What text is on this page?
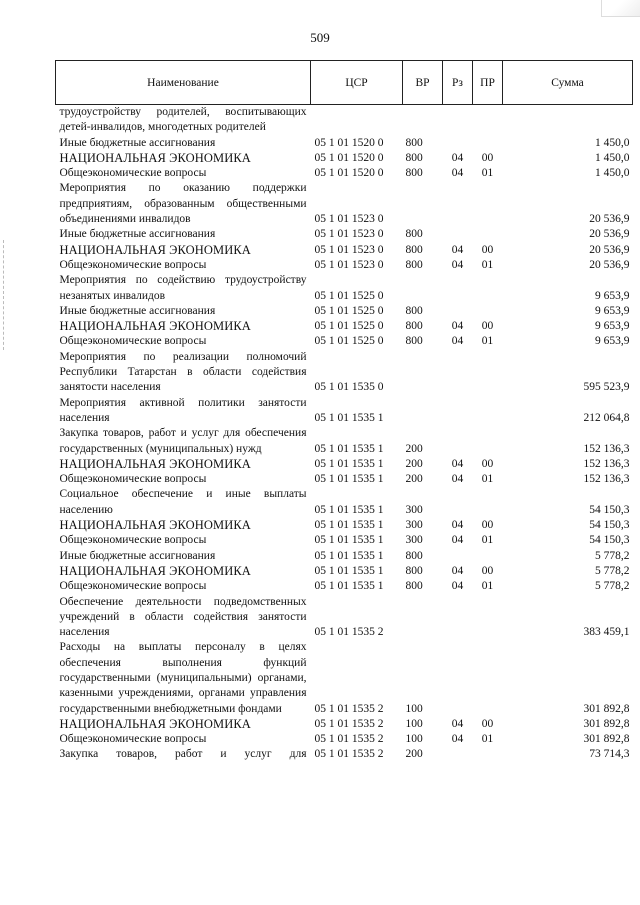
509
Наименование	ЦСР	ВР	Рз	ПР	Сумма
трудоустройству родителей, воспитывающих детей-инвалидов, многодетных родителей					
Иные бюджетные ассигнования	05 1 01 1520 0	800			1 450,0
НАЦИОНАЛЬНАЯ ЭКОНОМИКА	05 1 01 1520 0	800	04	00	1 450,0
Общеэкономические вопросы	05 1 01 1520 0	800	04	01	1 450,0
Мероприятия по оказанию поддержки предприятиям, образованным общественными объединениями инвалидов	05 1 01 1523 0				20 536,9
Иные бюджетные ассигнования	05 1 01 1523 0	800			20 536,9
НАЦИОНАЛЬНАЯ ЭКОНОМИКА	05 1 01 1523 0	800	04	00	20 536,9
Общеэкономические вопросы	05 1 01 1523 0	800	04	01	20 536,9
Мероприятия по содействию трудоустройству незанятых инвалидов	05 1 01 1525 0				9 653,9
Иные бюджетные ассигнования	05 1 01 1525 0	800			9 653,9
НАЦИОНАЛЬНАЯ ЭКОНОМИКА	05 1 01 1525 0	800	04	00	9 653,9
Общеэкономические вопросы	05 1 01 1525 0	800	04	01	9 653,9
Мероприятия по реализации полномочий Республики Татарстан в области содействия занятости населения	05 1 01 1535 0				595 523,9
Мероприятия активной политики занятости населения	05 1 01 1535 1				212 064,8
Закупка товаров, работ и услуг для обеспечения государственных (муниципальных) нужд	05 1 01 1535 1	200			152 136,3
НАЦИОНАЛЬНАЯ ЭКОНОМИКА	05 1 01 1535 1	200	04	00	152 136,3
Общеэкономические вопросы	05 1 01 1535 1	200	04	01	152 136,3
Социальное обеспечение и иные выплаты населению	05 1 01 1535 1	300			54 150,3
НАЦИОНАЛЬНАЯ ЭКОНОМИКА	05 1 01 1535 1	300	04	00	54 150,3
Общеэкономические вопросы	05 1 01 1535 1	300	04	01	54 150,3
Иные бюджетные ассигнования	05 1 01 1535 1	800			5 778,2
НАЦИОНАЛЬНАЯ ЭКОНОМИКА	05 1 01 1535 1	800	04	00	5 778,2
Общеэкономические вопросы	05 1 01 1535 1	800	04	01	5 778,2
Обеспечение деятельности подведомственных учреждений в области содействия занятости населения	05 1 01 1535 2				383 459,1
Расходы на выплаты персоналу в целях обеспечения выполнения функций государственными (муниципальными) органами, казенными учреждениями, органами управления государственными внебюджетными фондами	05 1 01 1535 2	100			301 892,8
НАЦИОНАЛЬНАЯ ЭКОНОМИКА	05 1 01 1535 2	100	04	00	301 892,8
Общеэкономические вопросы	05 1 01 1535 2	100	04	01	301 892,8
Закупка товаров, работ и услуг для	05 1 01 1535 2	200			73 714,3
